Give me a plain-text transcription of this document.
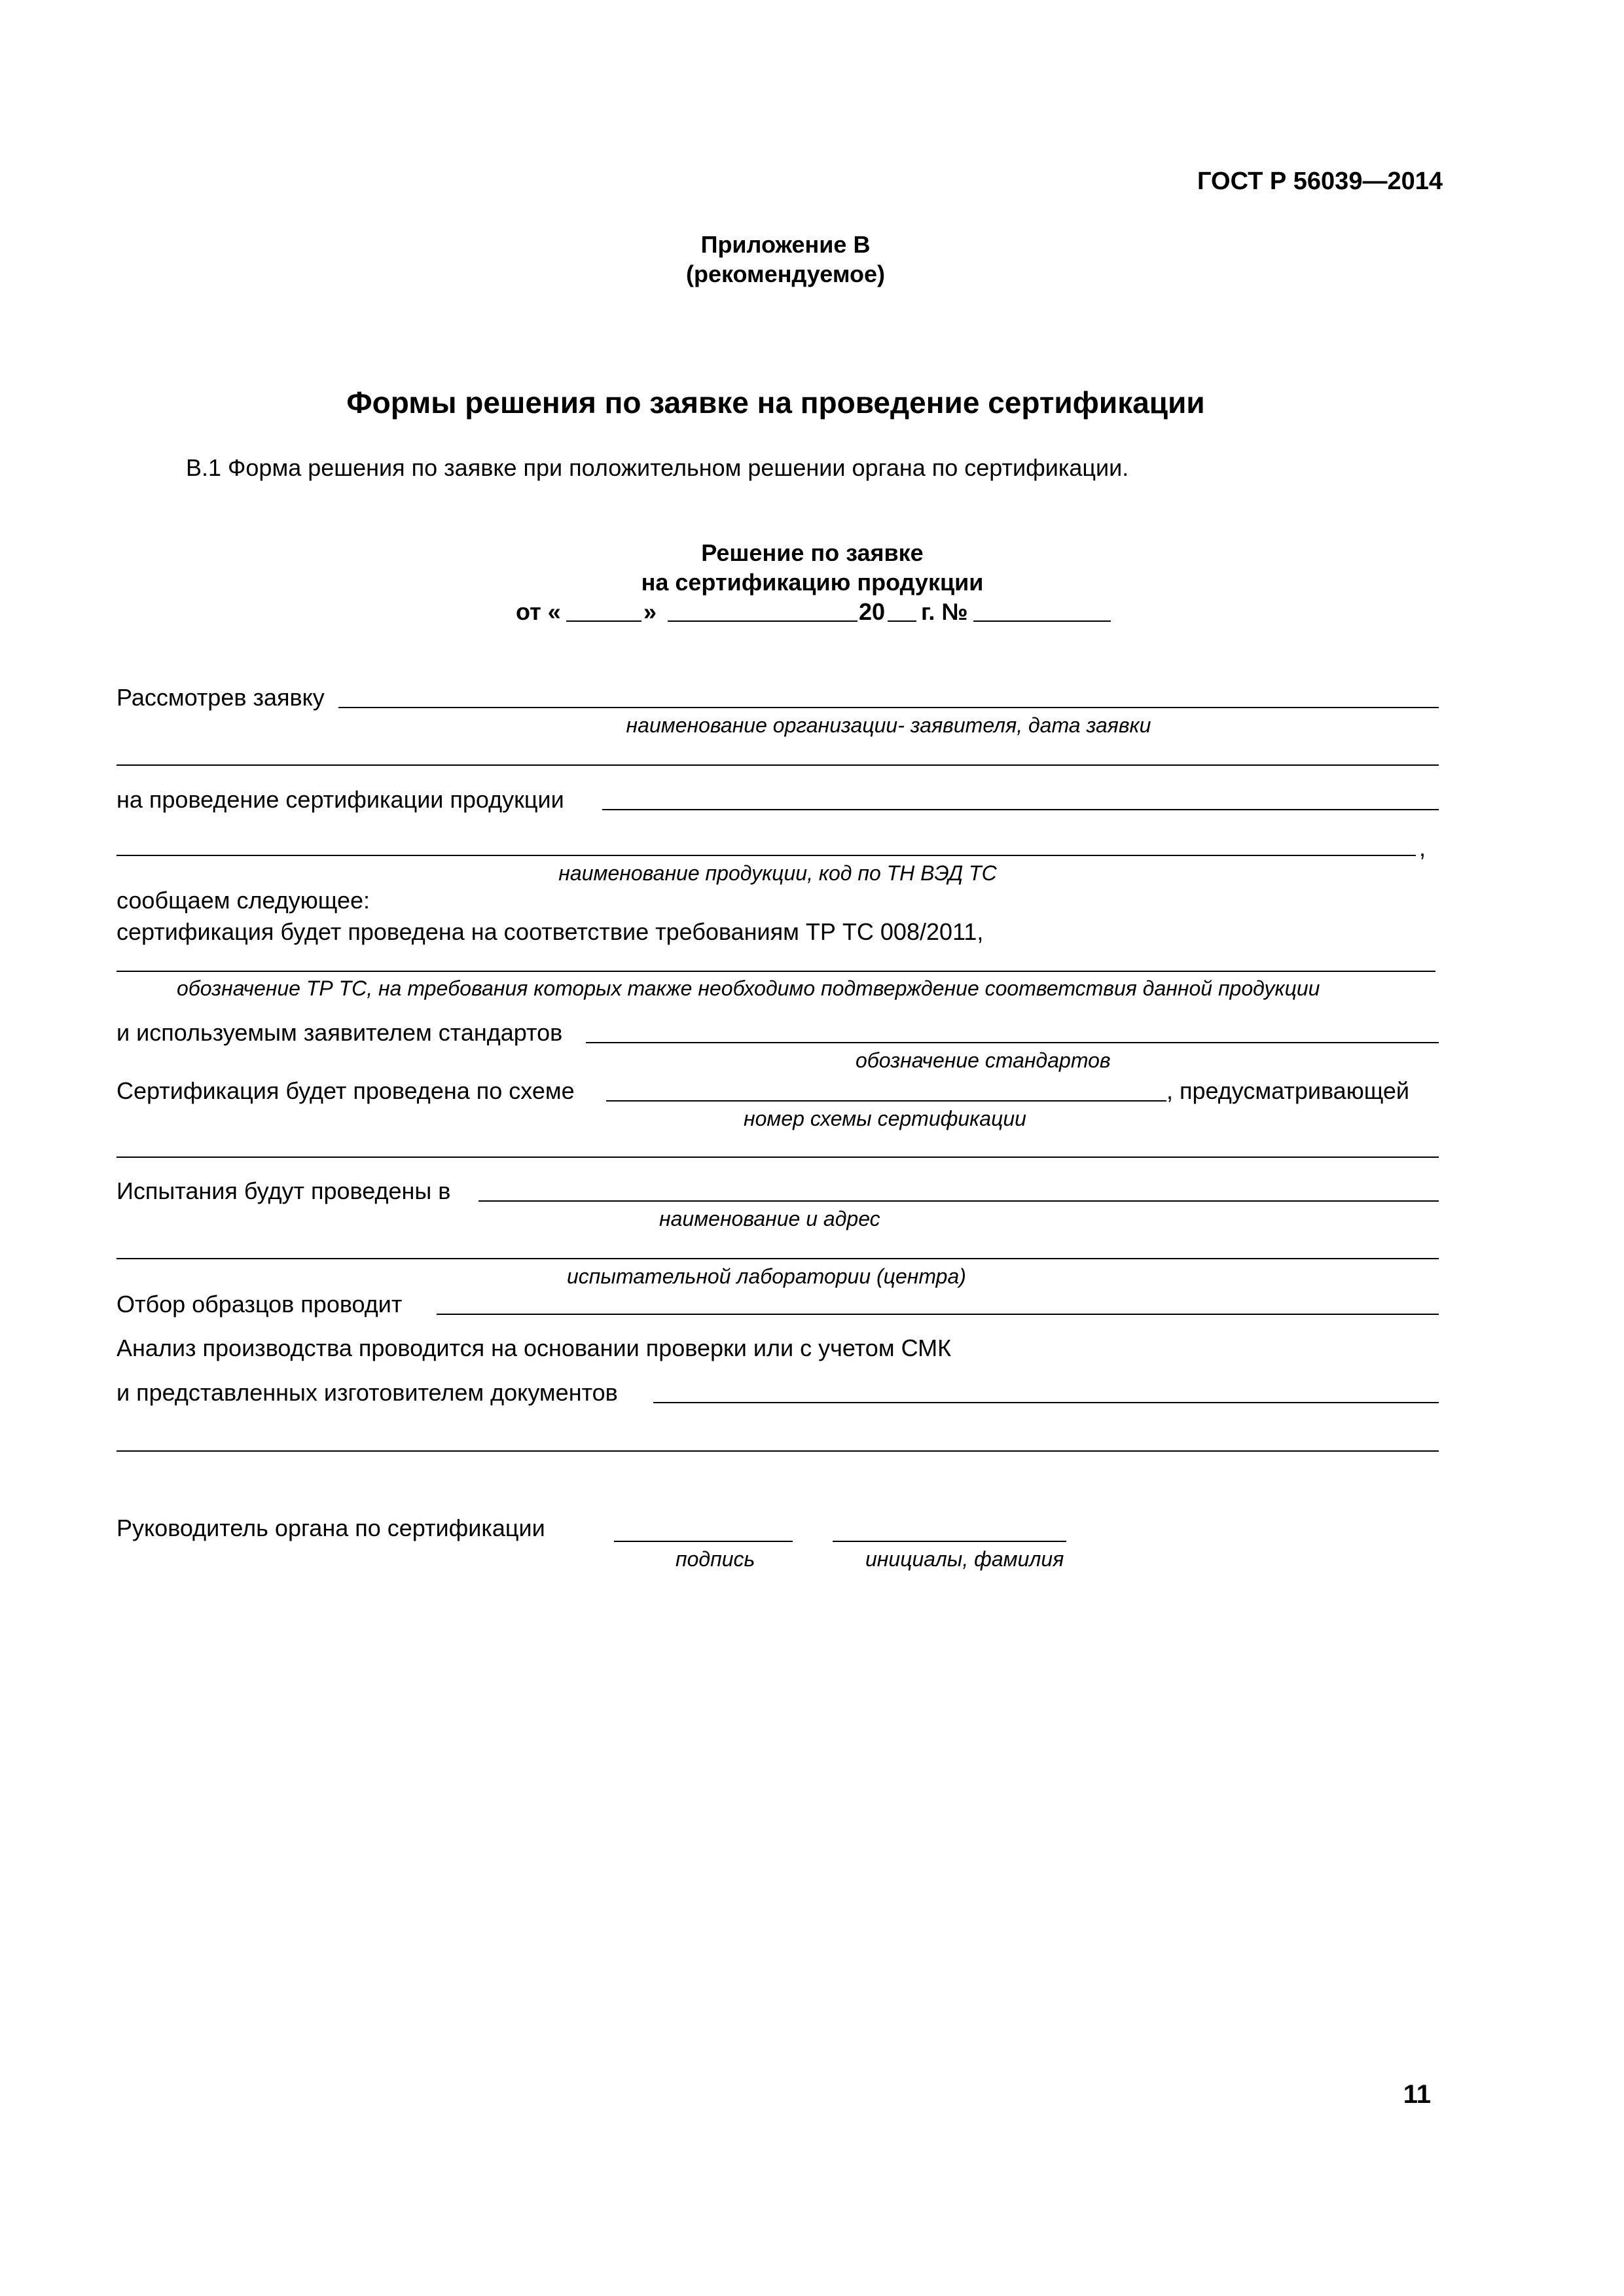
ГОСТ Р 56039—2014
Приложение В
(рекомендуемое)
Формы решения по заявке на проведение сертификации
В.1 Форма решения по заявке при положительном решении органа по сертификации.
Решение по заявке
на сертификацию продукции
от «	»	20 г. №
Рассмотрев заявку
наименование организации- заявителя, дата заявки
на проведение сертификации продукции
,
наименование продукции, код по ТН ВЭД ТС
сообщаем следующее:
сертификация будет проведена на соответствие требованиям ТР ТС 008/2011,
обозначение ТР ТС, на требования которых также необходимо подтверждение соответствия данной продукции
и используемым заявителем стандартов
обозначение стандартов
Сертификация будет проведена по схеме	, предусматривающей
номер схемы сертификации
Испытания будут проведены в
наименование и адрес
испытательной лаборатории (центра)
Отбор образцов проводит
Анализ производства проводится на основании проверки или с учетом СМК
и представленных изготовителем документов
Руководитель органа по сертификации
подпись	инициалы, фамилия
11
